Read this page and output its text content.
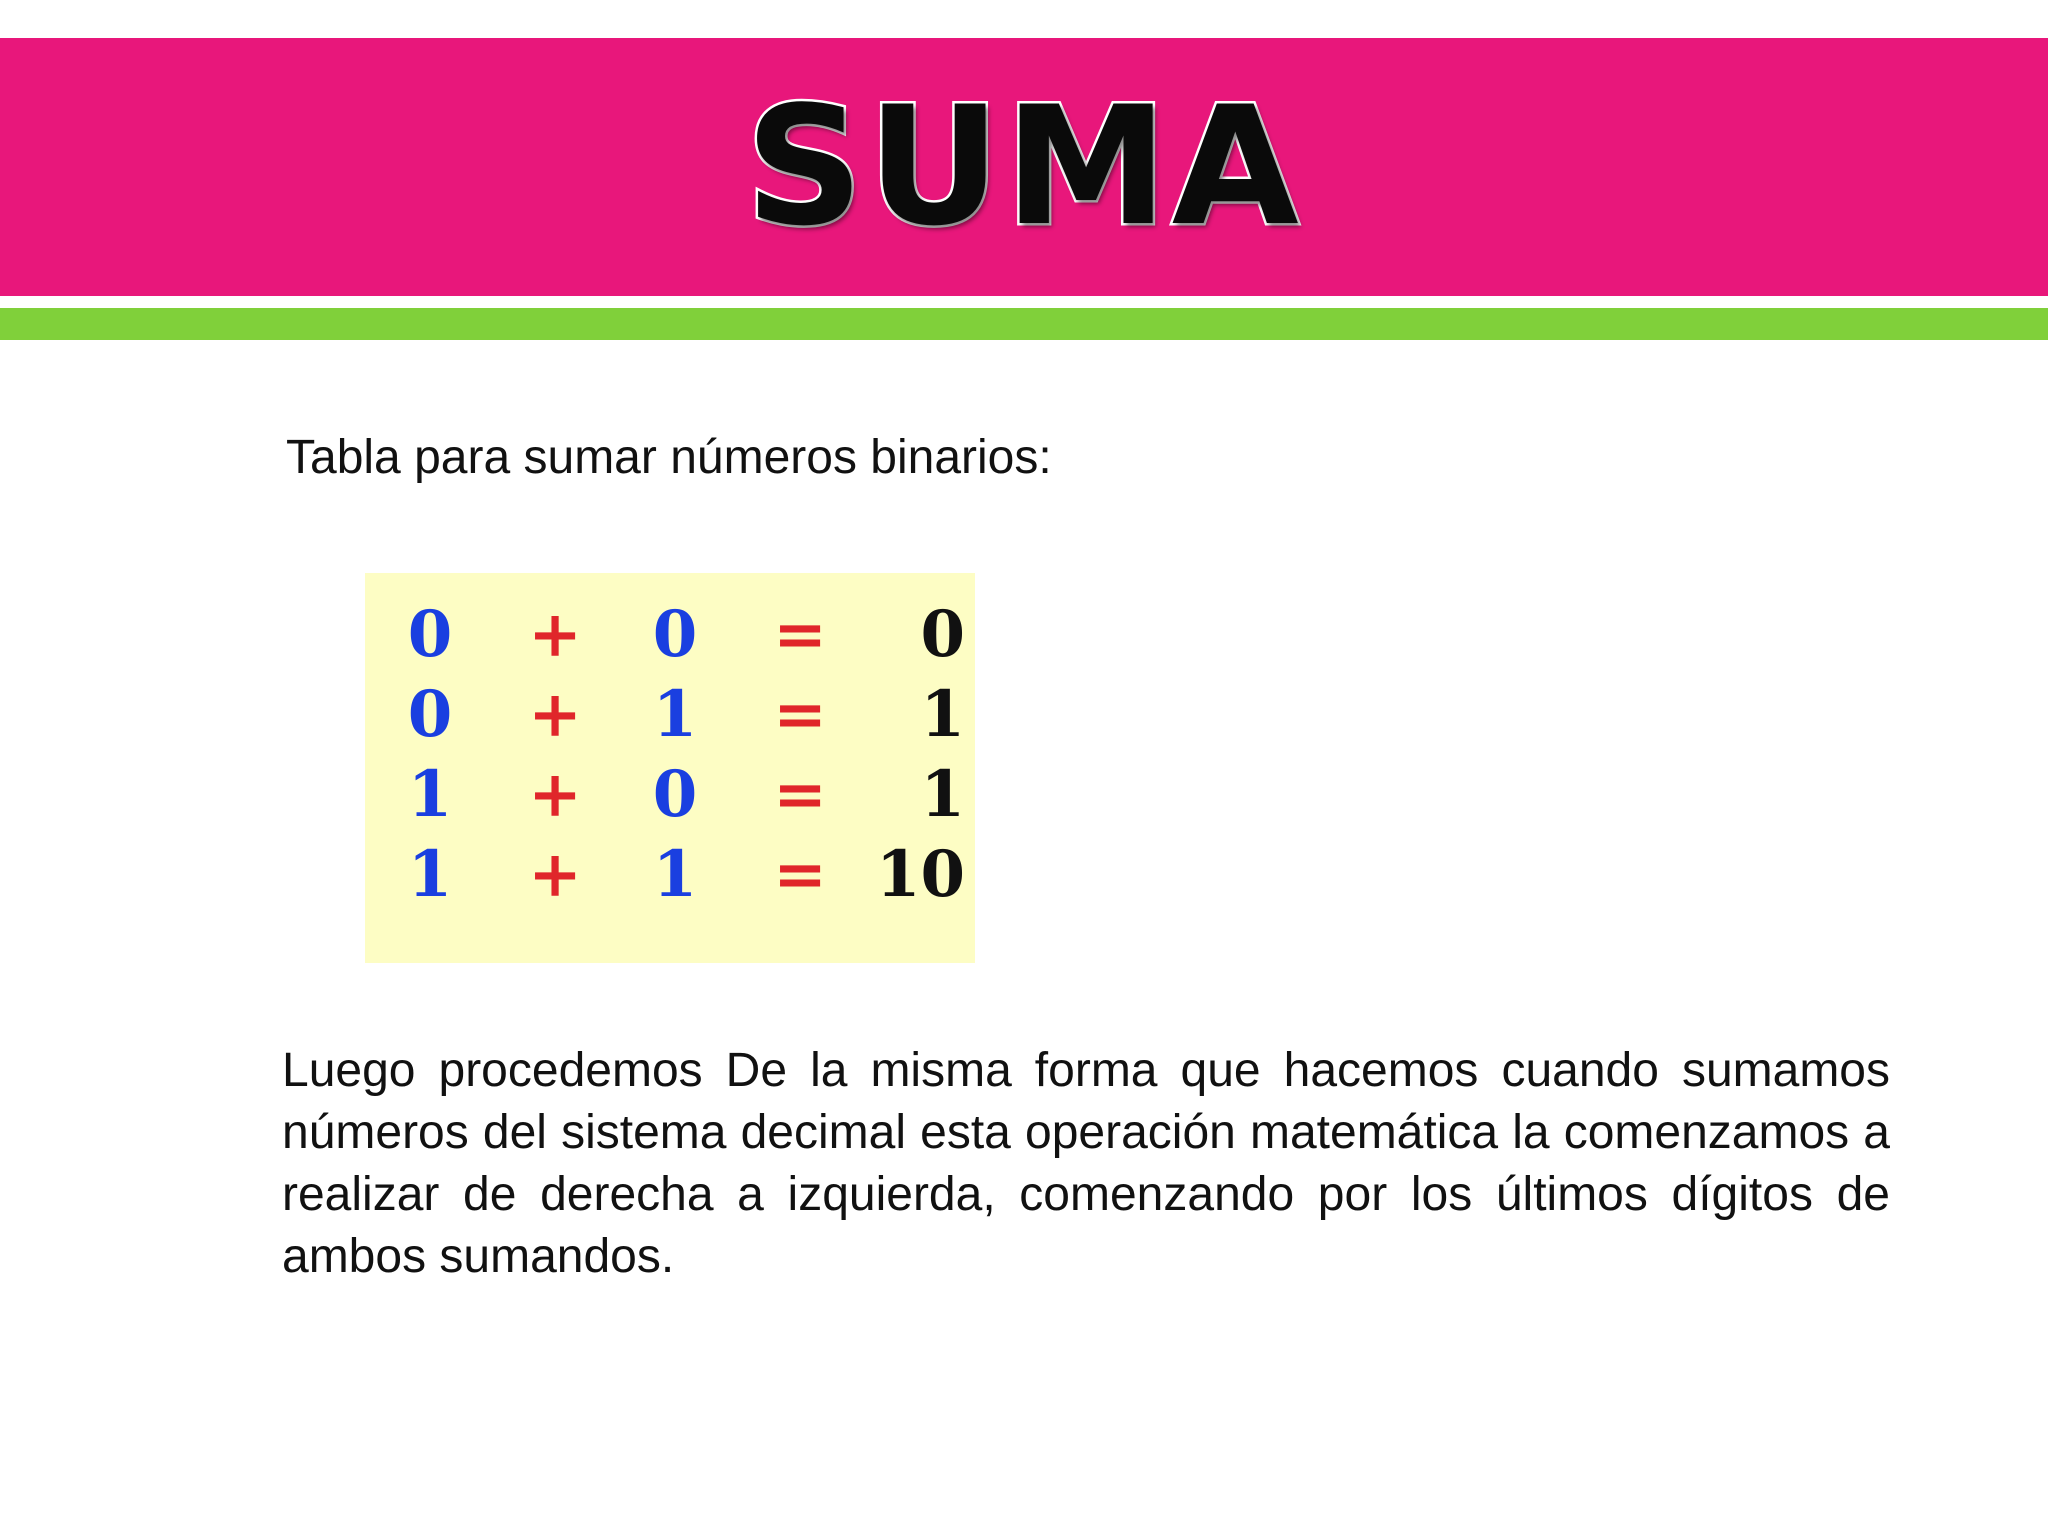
SUMA

Tabla para sumar números binarios:

0	+	0	=	0
0	+	1	=	1
1	+	0	=	1
1	+	1	= 10

Luego procedemos De la misma forma que hacemos cuando sumamos números del sistema decimal esta operación matemática la comenzamos a realizar de derecha a izquierda, comenzando por los últimos dígitos de ambos sumandos.
